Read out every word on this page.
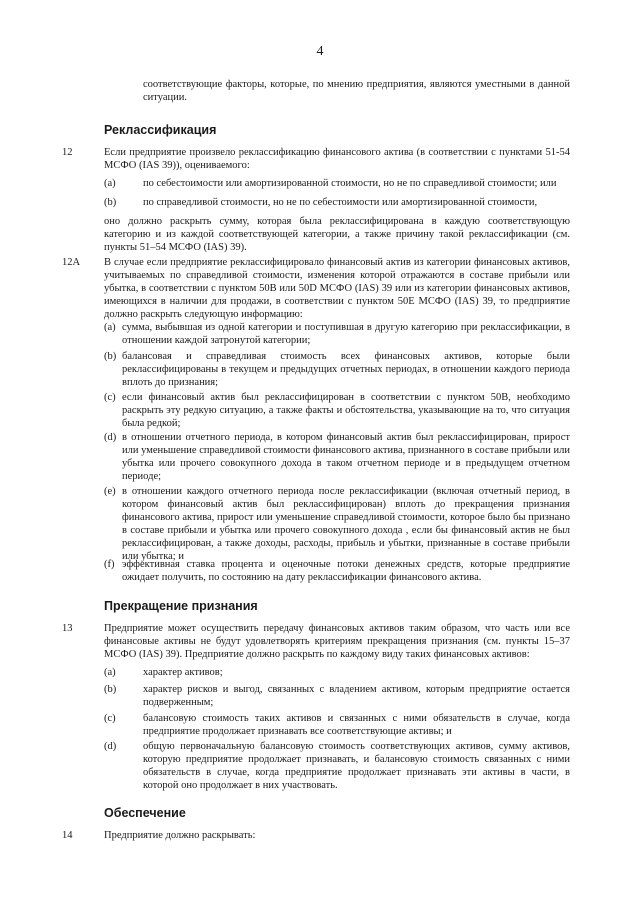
4
соответствующие факторы, которые, по мнению предприятия, являются уместными в данной ситуации.
Реклассификация
12	Если предприятие произвело реклассификацию финансового актива (в соответствии с пунктами 51-54 МСФО (IAS 39)), оцениваемого:
(a)	по себестоимости или амортизированной стоимости, но не по справедливой стоимости; или
(b)	по справедливой стоимости, но не по себестоимости или амортизированной стоимости,
оно должно раскрыть сумму, которая была реклассифицирована в каждую соответствующую категорию и из каждой соответствующей категории, а также причину такой реклассификации (см. пункты 51–54 МСФО (IAS) 39).
12A В случае если предприятие реклассифицировало финансовый актив из категории финансовых активов, учитываемых по справедливой стоимости, изменения которой отражаются в составе прибыли или убытка, в соответствии с пунктом 50B или 50D МСФО (IAS) 39 или из категории финансовых активов, имеющихся в наличии для продажи, в соответствии с пунктом 50E МСФО (IAS) 39, то предприятие должно раскрыть следующую информацию:
(a) сумма, выбывшая из одной категории и поступившая в другую категорию при реклассификации, в отношении каждой затронутой категории;
(b) балансовая и справедливая стоимость всех финансовых активов, которые были реклассифицированы в текущем и предыдущих отчетных периодах, в отношении каждого периода вплоть до признания;
(c) если финансовый актив был реклассифицирован в соответствии с пунктом 50B, необходимо раскрыть эту редкую ситуацию, а также факты и обстоятельства, указывающие на то, что ситуация была редкой;
(d) в отношении отчетного периода, в котором финансовый актив был реклассифицирован, прирост или уменьшение справедливой стоимости финансового актива, признанного в составе прибыли или убытка или прочего совокупного дохода в таком отчетном периоде и в предыдущем отчетном периоде;
(e) в отношении каждого отчетного периода после реклассификации (включая отчетный период, в котором финансовый актив был реклассифицирован) вплоть до прекращения признания финансового актива, прирост или уменьшение справедливой стоимости, которое было бы признано в составе прибыли и убытка или прочего совокупного дохода , если бы финансовый актив не был реклассифицирован, а также доходы, расходы, прибыль и убытки, признанные в составе прибыли или убытка; и
(f) эффективная ставка процента и оценочные потоки денежных средств, которые предприятие ожидает получить, по состоянию на дату реклассификации финансового актива.
Прекращение признания
13	Предприятие может осуществить передачу финансовых активов таким образом, что часть или все финансовые активы не будут удовлетворять критериям прекращения признания (см. пункты 15–37 МСФО (IAS) 39). Предприятие должно раскрыть по каждому виду таких финансовых активов:
(a)	характер активов;
(b)	характер рисков и выгод, связанных с владением активом, которым предприятие остается подверженным;
(c)	балансовую стоимость таких активов и связанных с ними обязательств в случае, когда предприятие продолжает признавать все соответствующие активы; и
(d)	общую первоначальную балансовую стоимость соответствующих активов, сумму активов, которую предприятие продолжает признавать, и балансовую стоимость связанных с ними обязательств в случае, когда предприятие продолжает признавать эти активы в части, в которой оно продолжает в них участвовать.
Обеспечение
14	Предприятие должно раскрывать:
